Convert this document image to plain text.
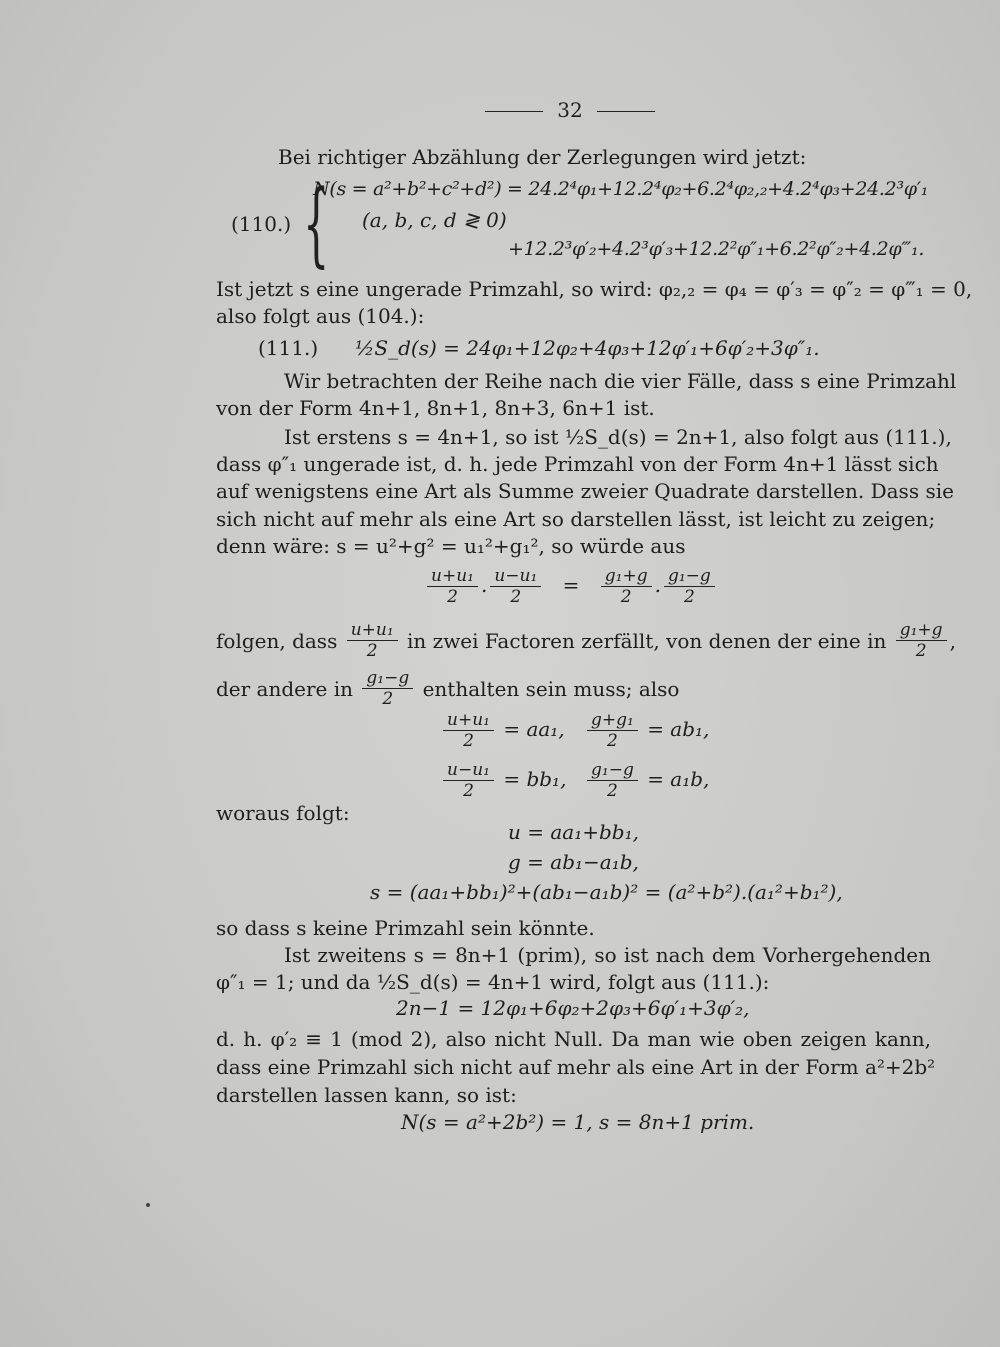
32
Bei richtiger Abzählung der Zerlegungen wird jetzt:
(110.) {
N(s = a²+b²+c²+d²) = 24.2⁴φ₁+12.2⁴φ₂+6.2⁴φ₂,₂+4.2⁴φ₃+24.2³φ′₁
(a, b, c, d ≷ 0)
+12.2³φ′₂+4.2³φ′₃+12.2²φ″₁+6.2²φ″₂+4.2φ‴₁.
Ist jetzt s eine ungerade Primzahl, so wird: φ₂,₂ = φ₄ = φ′₃ = φ″₂ = φ‴₁ = 0,
also folgt aus (104.):
(111.) ½S_d(s) = 24φ₁+12φ₂+4φ₃+12φ′₁+6φ′₂+3φ″₁.
Wir betrachten der Reihe nach die vier Fälle, dass s eine Primzahl
von der Form 4n+1, 8n+1, 8n+3, 6n+1 ist.
Ist erstens s = 4n+1, so ist ½S_d(s) = 2n+1, also folgt aus (111.),
dass φ″₁ ungerade ist, d. h. jede Primzahl von der Form 4n+1 lässt sich
auf wenigstens eine Art als Summe zweier Quadrate darstellen. Dass sie
sich nicht auf mehr als eine Art so darstellen lässt, ist leicht zu zeigen;
denn wäre: s = u²+g² = u₁²+g₁², so würde aus
$\frac{\text{u+u₁}}{2}$ . $\frac{\text{u−u₁}}{2} = \frac{\text{g₁+g}}{2}$ . $\frac{\text{g₁−g}}{2}$
folgen, dass $\frac{\text{u+u₁}}{2}$ in zwei Factoren zerfällt, von denen der eine in $\frac{\text{g₁+g}}{2}$ ,
der andere in $\frac{\text{g₁−g}}{2}$ enthalten sein muss; also
$\frac{\text{u+u₁}}{2} = aa_1$, $\frac{\text{g+g₁}}{2} = ab_1$,
$\frac{\text{u−u₁}}{2} = bb_1$, $\frac{\text{g₁−g}}{2} = a_1b$,
woraus folgt:
u = aa₁+bb₁,
g = ab₁−a₁b,
s = (aa₁+bb₁)²+(ab₁−a₁b)² = (a²+b²).(a₁²+b₁²),
so dass s keine Primzahl sein könnte.
Ist zweitens s = 8n+1 (prim), so ist nach dem Vorhergehenden
φ″₁ = 1; und da ½S_d(s) = 4n+1 wird, folgt aus (111.):
2n−1 = 12φ₁+6φ₂+2φ₃+6φ′₁+3φ′₂,
d. h. φ′₂ ≡ 1 (mod 2), also nicht Null. Da man wie oben zeigen kann,
dass eine Primzahl sich nicht auf mehr als eine Art in der Form a²+2b²
darstellen lassen kann, so ist:
N(s = a²+2b²) = 1, s = 8n+1 prim.
